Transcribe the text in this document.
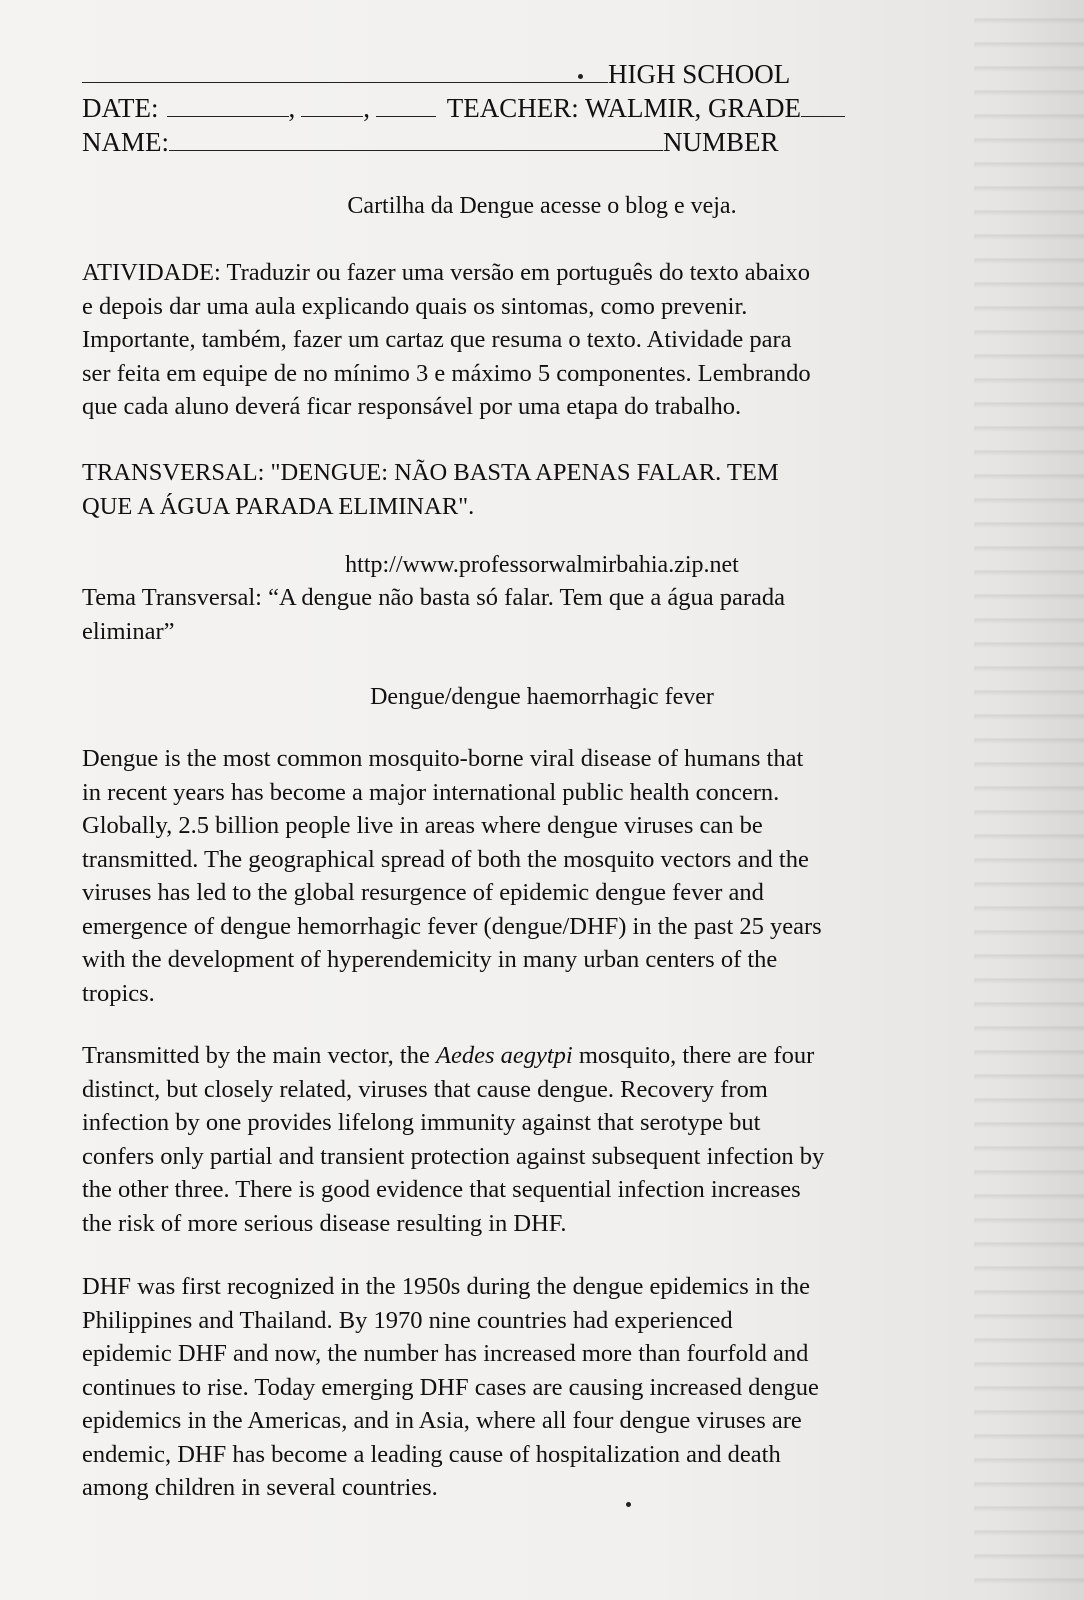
HIGH SCHOOL
DATE:	,	,	TEACHER: WALMIR, GRADE
NAME:	NUMBER
Cartilha da Dengue acesse o blog e veja.
ATIVIDADE: Traduzir ou fazer uma versão em português do texto abaixo
e depois dar uma aula explicando quais os sintomas, como prevenir.
Importante, também, fazer um cartaz que resuma o texto. Atividade para
ser feita em equipe de no mínimo 3 e máximo 5 componentes. Lembrando
que cada aluno deverá ficar responsável por uma etapa do trabalho.
TRANSVERSAL: "DENGUE: NÃO BASTA APENAS FALAR. TEM
QUE A ÁGUA PARADA ELIMINAR".
http://www.professorwalmirbahia.zip.net
Tema Transversal: “A dengue não basta só falar. Tem que a água parada
eliminar”
Dengue/dengue haemorrhagic fever
Dengue is the most common mosquito-borne viral disease of humans that
in recent years has become a major international public health concern.
Globally, 2.5 billion people live in areas where dengue viruses can be
transmitted. The geographical spread of both the mosquito vectors and the
viruses has led to the global resurgence of epidemic dengue fever and
emergence of dengue hemorrhagic fever (dengue/DHF) in the past 25 years
with the development of hyperendemicity in many urban centers of the
tropics.
Transmitted by the main vector, the Aedes aegytpi mosquito, there are four
distinct, but closely related, viruses that cause dengue. Recovery from
infection by one provides lifelong immunity against that serotype but
confers only partial and transient protection against subsequent infection by
the other three. There is good evidence that sequential infection increases
the risk of more serious disease resulting in DHF.
DHF was first recognized in the 1950s during the dengue epidemics in the
Philippines and Thailand. By 1970 nine countries had experienced
epidemic DHF and now, the number has increased more than fourfold and
continues to rise. Today emerging DHF cases are causing increased dengue
epidemics in the Americas, and in Asia, where all four dengue viruses are
endemic, DHF has become a leading cause of hospitalization and death
among children in several countries.
